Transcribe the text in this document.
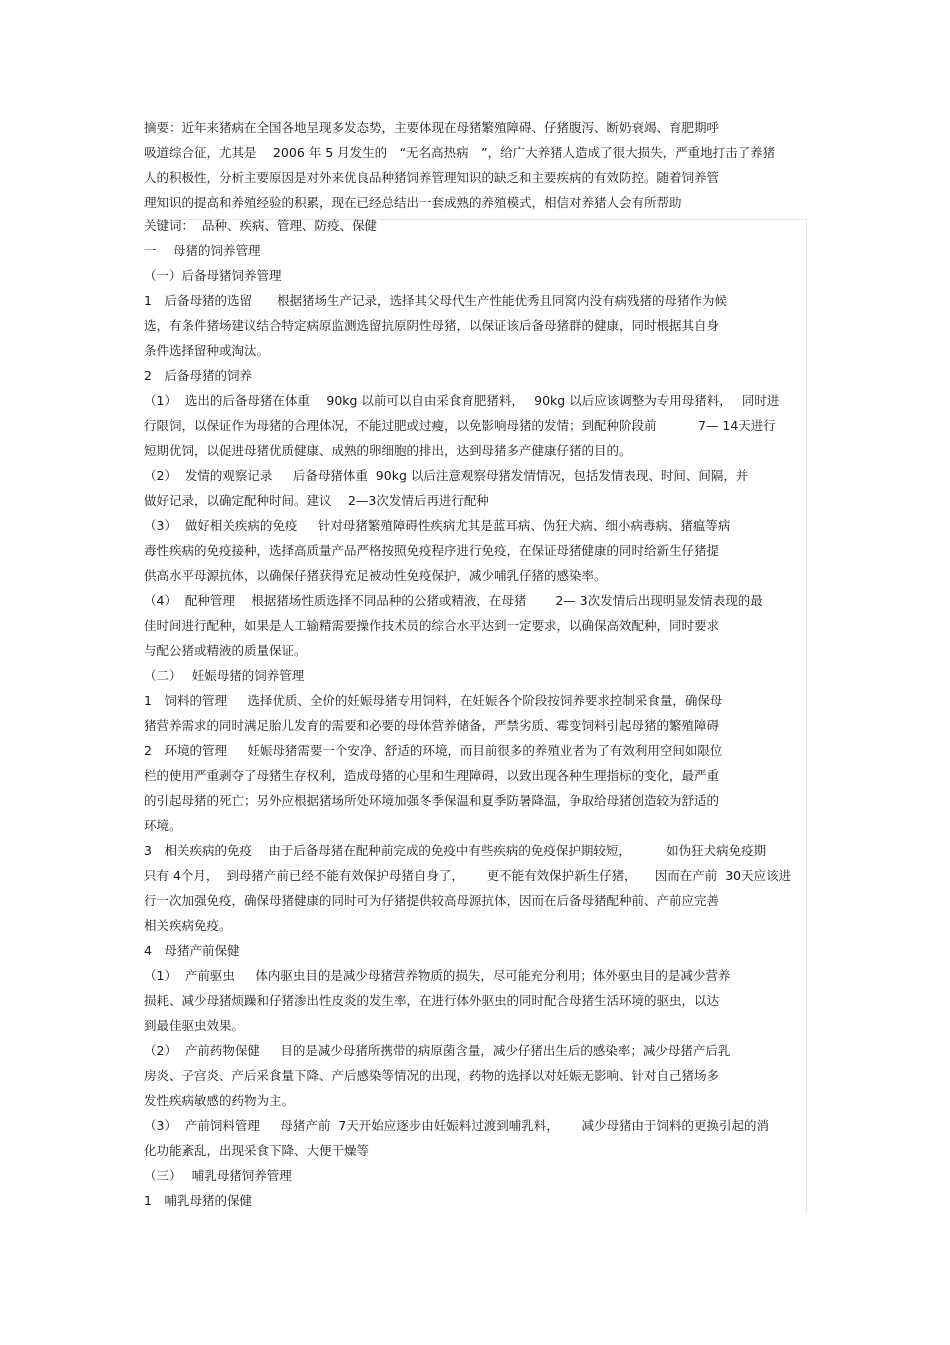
摘要：近年来猪病在全国各地呈现多发态势，主要体现在母猪繁殖障碍、仔猪腹泻、断奶衰竭、育肥期呼
吸道综合征，尤其是　 2006 年 5 月发生的　“无名高热病　”，给广大养猪人造成了很大损失，严重地打击了养猪
人的积极性，分析主要原因是对外来优良品种猪饲养管理知识的缺乏和主要疾病的有效防控。随着饲养管
理知识的提高和养殖经验的积累，现在已经总结出一套成熟的养殖模式，相信对养猪人会有所帮助
关键词：  品种、疾病、管理、防疫、保健
一　 母猪的饲养管理
（一）后备母猪饲养管理
1　后备母猪的选留　　根据猪场生产记录，选择其父母代生产性能优秀且同窝内没有病残猪的母猪作为候
选，有条件猪场建议结合特定病原监测选留抗原阴性母猪，以保证该后备母猪群的健康，同时根据其自身
条件选择留种或淘汰。
2　后备母猪的饲养
（1）  选出的后备母猪在体重　 90kg 以前可以自由采食育肥猪料，　 90kg 以后应该调整为专用母猪料，　 同时进
行限饲，以保证作为母猪的合理体况，不能过肥或过瘦，以免影响母猪的发情；到配种阶段前　　　 7— 14天进行
短期优饲，以促进母猪优质健康、成熟的卵细胞的排出，达到母猪多产健康仔猪的目的。
（2）  发情的观察记录　  后备母猪体重  90kg 以后注意观察母猪发情情况，包括发情表现、时间、间隔，并
做好记录，以确定配种时间。建议　 2—3次发情后再进行配种
（3）  做好相关疾病的免疫　  针对母猪繁殖障碍性疾病尤其是蓝耳病、伪狂犬病、细小病毒病、猪瘟等病
毒性疾病的免疫接种，选择高质量产品严格按照免疫程序进行免疫，在保证母猪健康的同时给新生仔猪提
供高水平母源抗体，以确保仔猪获得充足被动性免疫保护，减少哺乳仔猪的感染率。
（4）  配种管理　 根据猪场性质选择不同品种的公猪或精液，在母猪　　 2— 3次发情后出现明显发情表现的最
佳时间进行配种，如果是人工输精需要操作技术员的综合水平达到一定要求，以确保高效配种，同时要求
与配公猪或精液的质量保证。
（二）　 妊娠母猪的饲养管理
1　饲料的管理　  选择优质、全价的妊娠母猪专用饲料，在妊娠各个阶段按饲养要求控制采食量，确保母
猪营养需求的同时满足胎儿发育的需要和必要的母体营养储备，严禁劣质、霉变饲料引起母猪的繁殖障碍
2　环境的管理　  妊娠母猪需要一个安净、舒适的环境，而目前很多的养殖业者为了有效利用空间如限位
栏的使用严重剥夺了母猪生存权利，造成母猪的心里和生理障碍，以致出现各种生理指标的变化，最严重
的引起母猪的死亡；另外应根据猪场所处环境加强冬季保温和夏季防暑降温，争取给母猪创造较为舒适的
环境。
3　相关疾病的免疫　 由于后备母猪在配种前完成的免疫中有些疾病的免疫保护期较短，　　　 如伪狂犬病免疫期
只有 4个月，  到母猪产前已经不能有效保护母猪自身了，　　 更不能有效保护新生仔猪，　   因而在产前  30天应该进
行一次加强免疫，确保母猪健康的同时可为仔猪提供较高母源抗体，因而在后备母猪配种前、产前应完善
相关疾病免疫。
4　母猪产前保健
（1）  产前驱虫　  体内驱虫目的是减少母猪营养物质的损失，尽可能充分利用；体外驱虫目的是减少营养
损耗、减少母猪烦躁和仔猪渗出性皮炎的发生率，在进行体外驱虫的同时配合母猪生活环境的驱虫，以达
到最佳驱虫效果。
（2）  产前药物保健　  目的是减少母猪所携带的病原菌含量，减少仔猪出生后的感染率；减少母猪产后乳
房炎、子宫炎、产后采食量下降、产后感染等情况的出现，药物的选择以对妊娠无影响、针对自己猪场多
发性疾病敏感的药物为主。
（3）  产前饲料管理　  母猪产前  7天开始应逐步由妊娠料过渡到哺乳料，　　 减少母猪由于饲料的更换引起的消
化功能紊乱，出现采食下降、大便干燥等
（三）　 哺乳母猪饲养管理
1　哺乳母猪的保健
